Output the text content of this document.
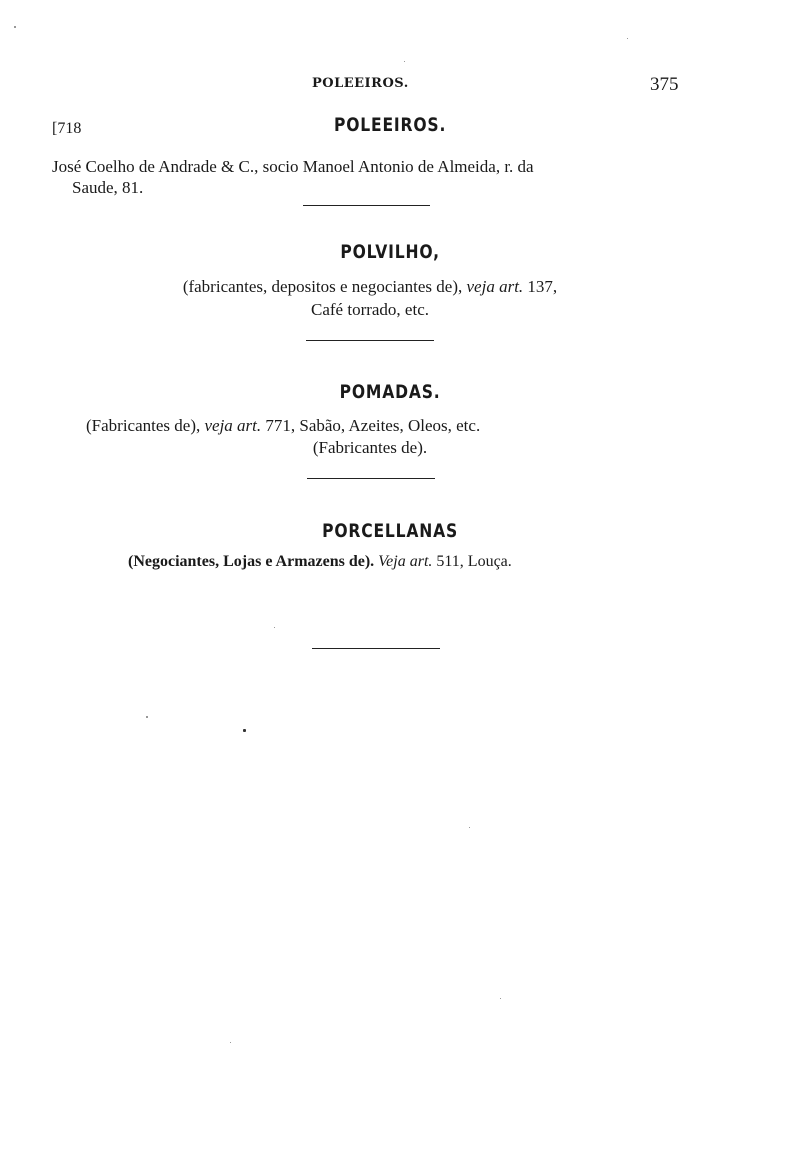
POLEEIROS.	375
[718	POLEEIROS.
José Coelho de Andrade & C., socio Manoel Antonio de Almeida, r. da
Saude, 81.
POLVILHO,
(fabricantes, depositos e negociantes de), veja art. 137,
Café torrado, etc.
POMADAS.
(Fabricantes de), veja art. 771, Sabão, Azeites, Oleos, etc.
(Fabricantes de).
PORCELLANAS
(Negociantes, Lojas e Armazens de). Veja art. 511, Louça.
